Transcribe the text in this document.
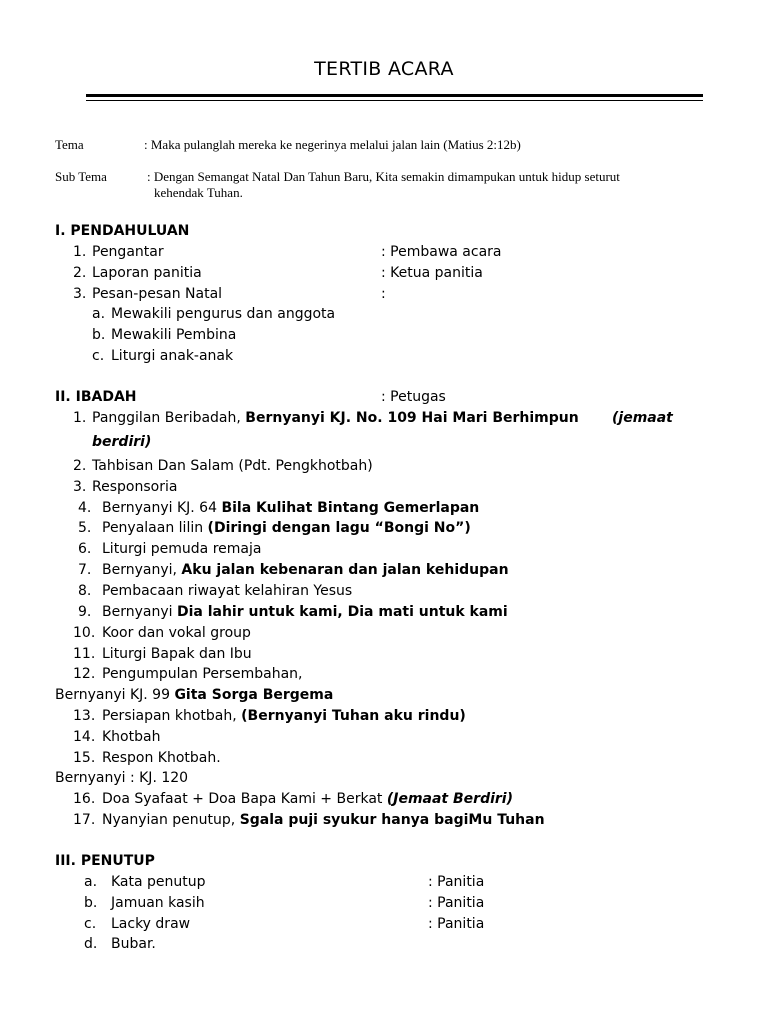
TERTIB ACARA
Tema	: Maka pulanglah mereka ke negerinya melalui jalan lain (Matius 2:12b)
Sub Tema	: Dengan Semangat Natal Dan Tahun Baru, Kita semakin dimampukan untuk hidup seturut
kehendak Tuhan.
I. PENDAHULUAN
1. Pengantar	: Pembawa acara
2. Laporan panitia	: Ketua panitia
3. Pesan-pesan Natal	:
a. Mewakili pengurus dan anggota
b. Mewakili Pembina
c. Liturgi anak-anak
II. IBADAH	: Petugas
1. Panggilan Beribadah, Bernyanyi KJ. No. 109 Hai Mari Berhimpun (jemaat
berdiri)
2. Tahbisan Dan Salam (Pdt. Pengkhotbah)
3. Responsoria
4. Bernyanyi KJ. 64 Bila Kulihat Bintang Gemerlapan
5. Penyalaan lilin (Diringi dengan lagu “Bongi No”)
6. Liturgi pemuda remaja
7. Bernyanyi, Aku jalan kebenaran dan jalan kehidupan
8. Pembacaan riwayat kelahiran Yesus
9. Bernyanyi Dia lahir untuk kami, Dia mati untuk kami
10. Koor dan vokal group
11. Liturgi Bapak dan Ibu
12. Pengumpulan Persembahan,
Bernyanyi KJ. 99 Gita Sorga Bergema
13. Persiapan khotbah, (Bernyanyi Tuhan aku rindu)
14. Khotbah
15. Respon Khotbah.
Bernyanyi : KJ. 120
16. Doa Syafaat + Doa Bapa Kami + Berkat (Jemaat Berdiri)
17. Nyanyian penutup, Sgala puji syukur hanya bagiMu Tuhan
III. PENUTUP
a. Kata penutup	: Panitia
b. Jamuan kasih	: Panitia
c. Lacky draw	: Panitia
d. Bubar.
